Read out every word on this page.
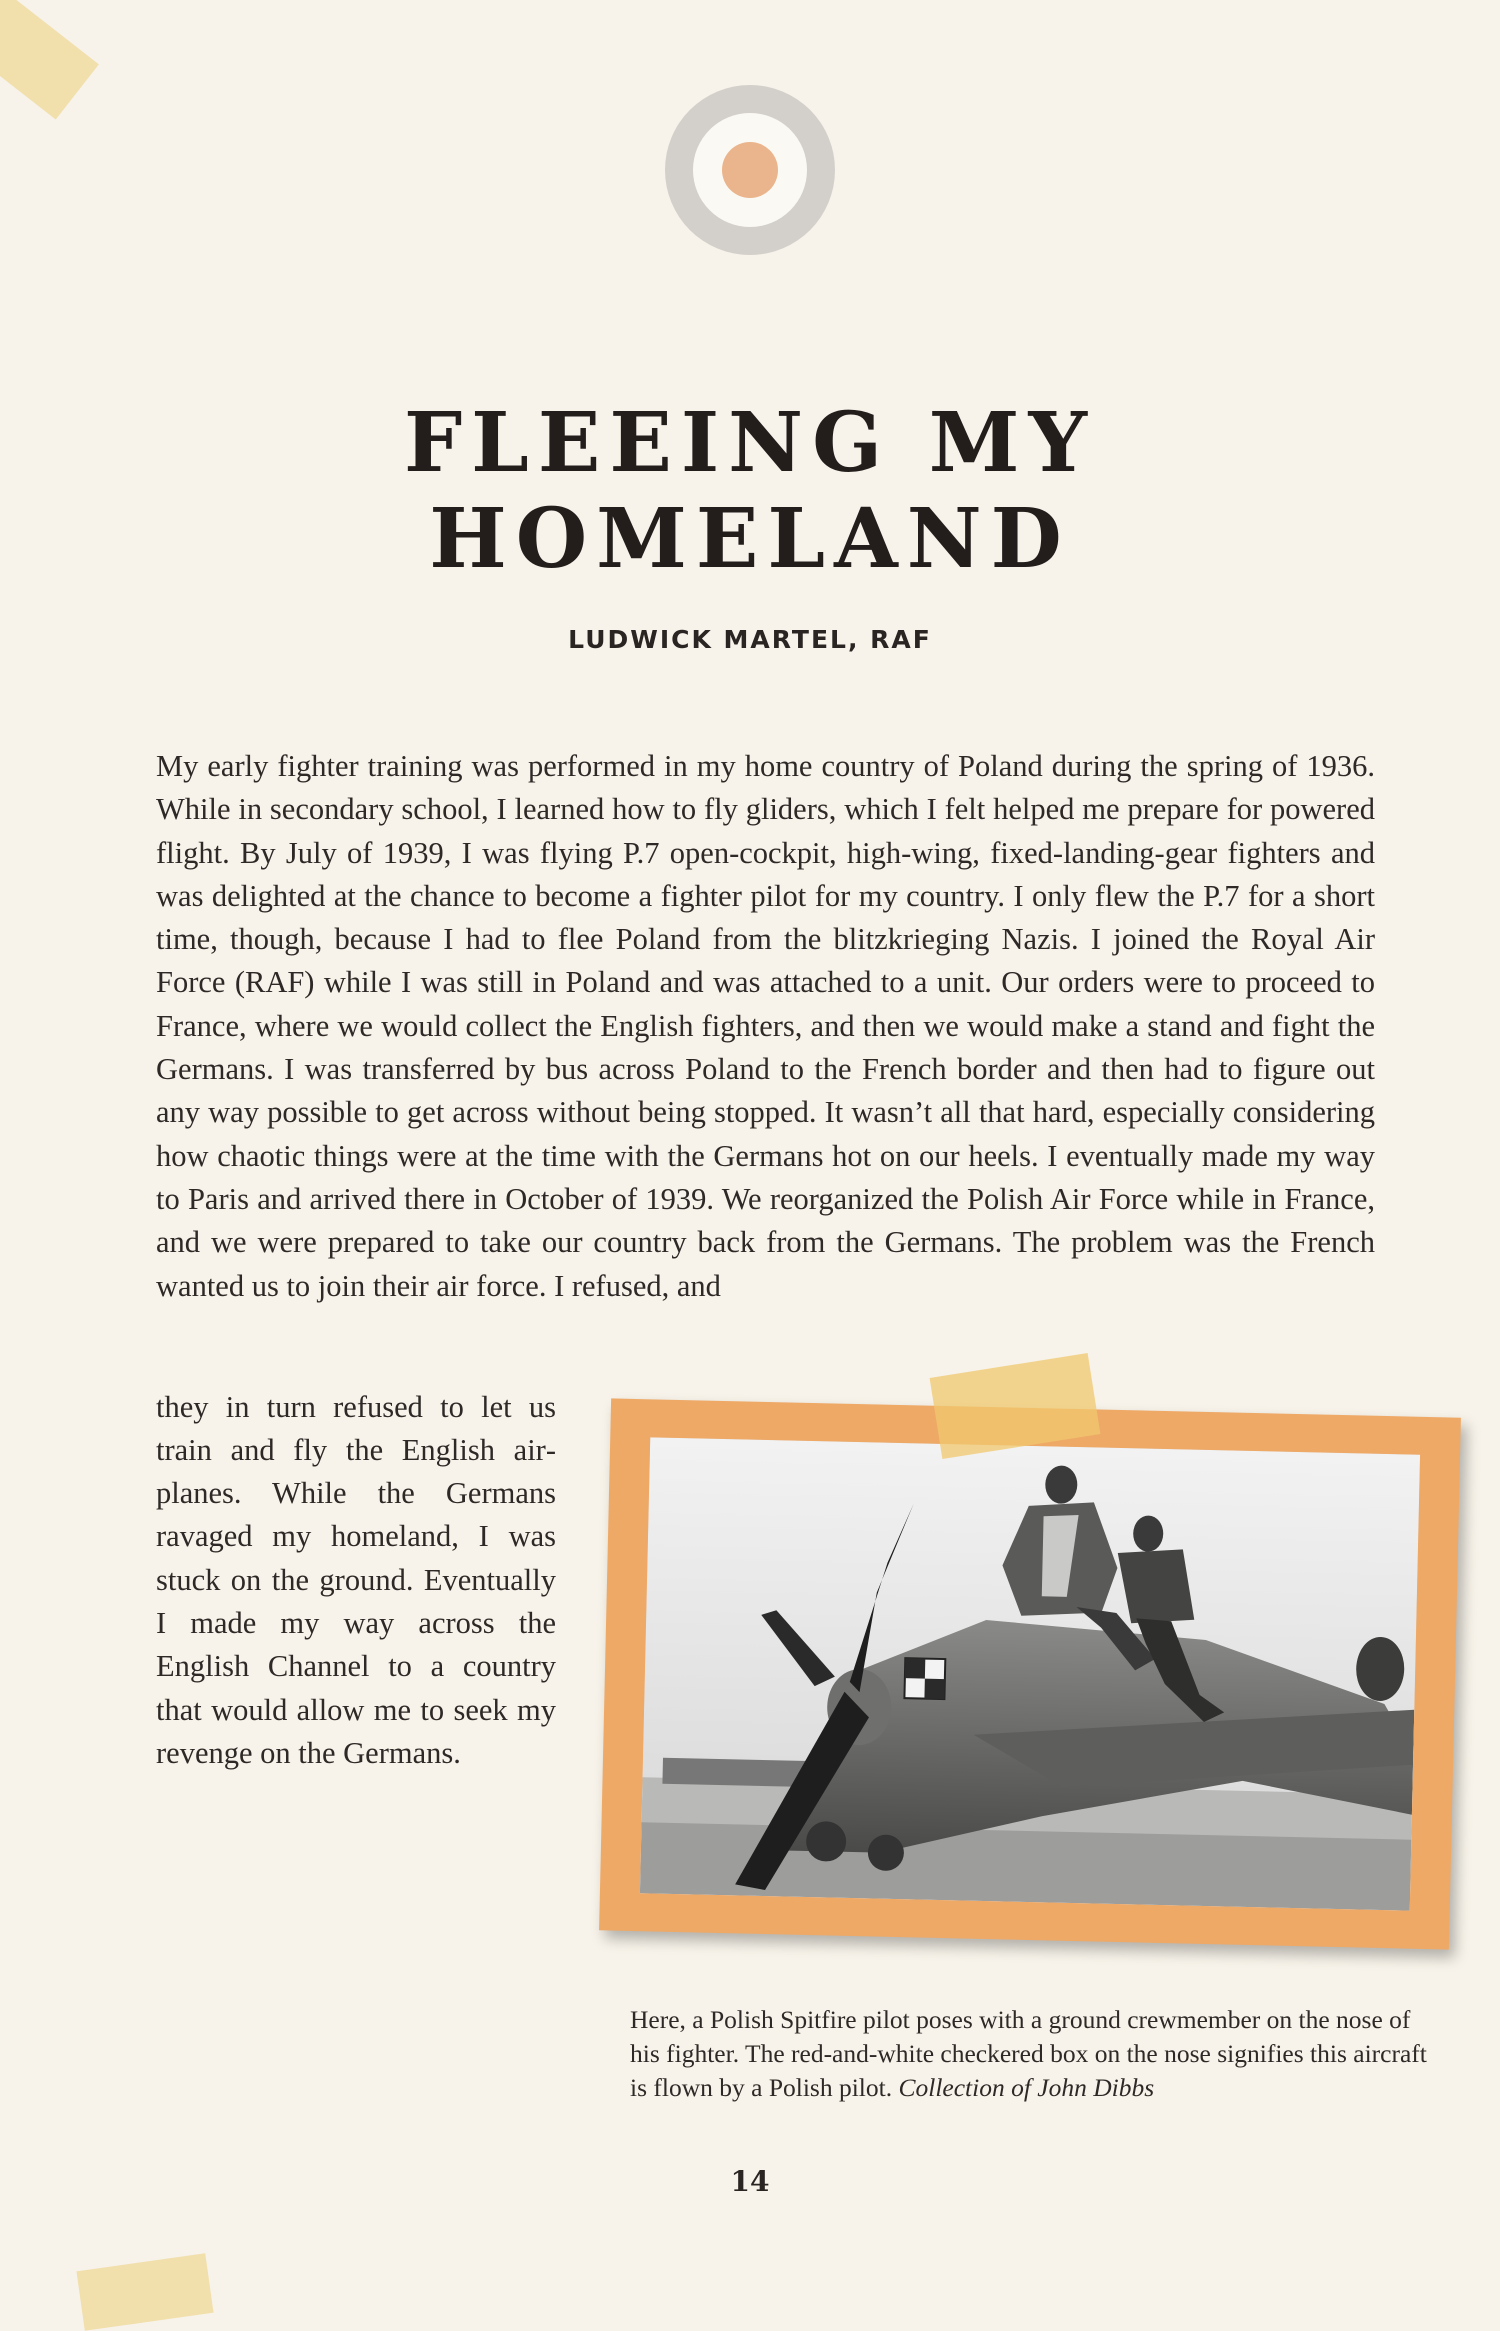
FLEEING MY
HOMELAND
LUDWICK MARTEL, RAF

My early fighter training was performed in my home country of Poland during the spring of 1936. While in secondary school, I learned how to fly gliders, which I felt helped me prepare for powered flight. By July of 1939, I was flying P.7 open-cockpit, high-wing, fixed-landing-gear fighters and was delighted at the chance to become a fighter pilot for my country. I only flew the P.7 for a short time, though, because I had to flee Poland from the blitzkrieging Nazis. I joined the Royal Air Force (RAF) while I was still in Poland and was attached to a unit. Our orders were to proceed to France, where we would collect the English fighters, and then we would make a stand and fight the Germans. I was transferred by bus across Poland to the French border and then had to figure out any way possible to get across without being stopped. It wasn’t all that hard, especially considering how chaotic things were at the time with the Germans hot on our heels. I eventually made my way to Paris and arrived there in October of 1939. We reorganized the Polish Air Force while in France, and we were prepared to take our country back from the Germans. The problem was the French wanted us to join their air force. I refused, and

they in turn refused to let us train and fly the English airplanes. While the Germans ravaged my homeland, I was stuck on the ground. Eventually I made my way across the English Channel to a country that would allow me to seek my revenge on the Germans.

Here, a Polish Spitfire pilot poses with a ground crewmember on the nose of his fighter. The red-and-white checkered box on the nose signifies this aircraft is flown by a Polish pilot. Collection of John Dibbs
14
